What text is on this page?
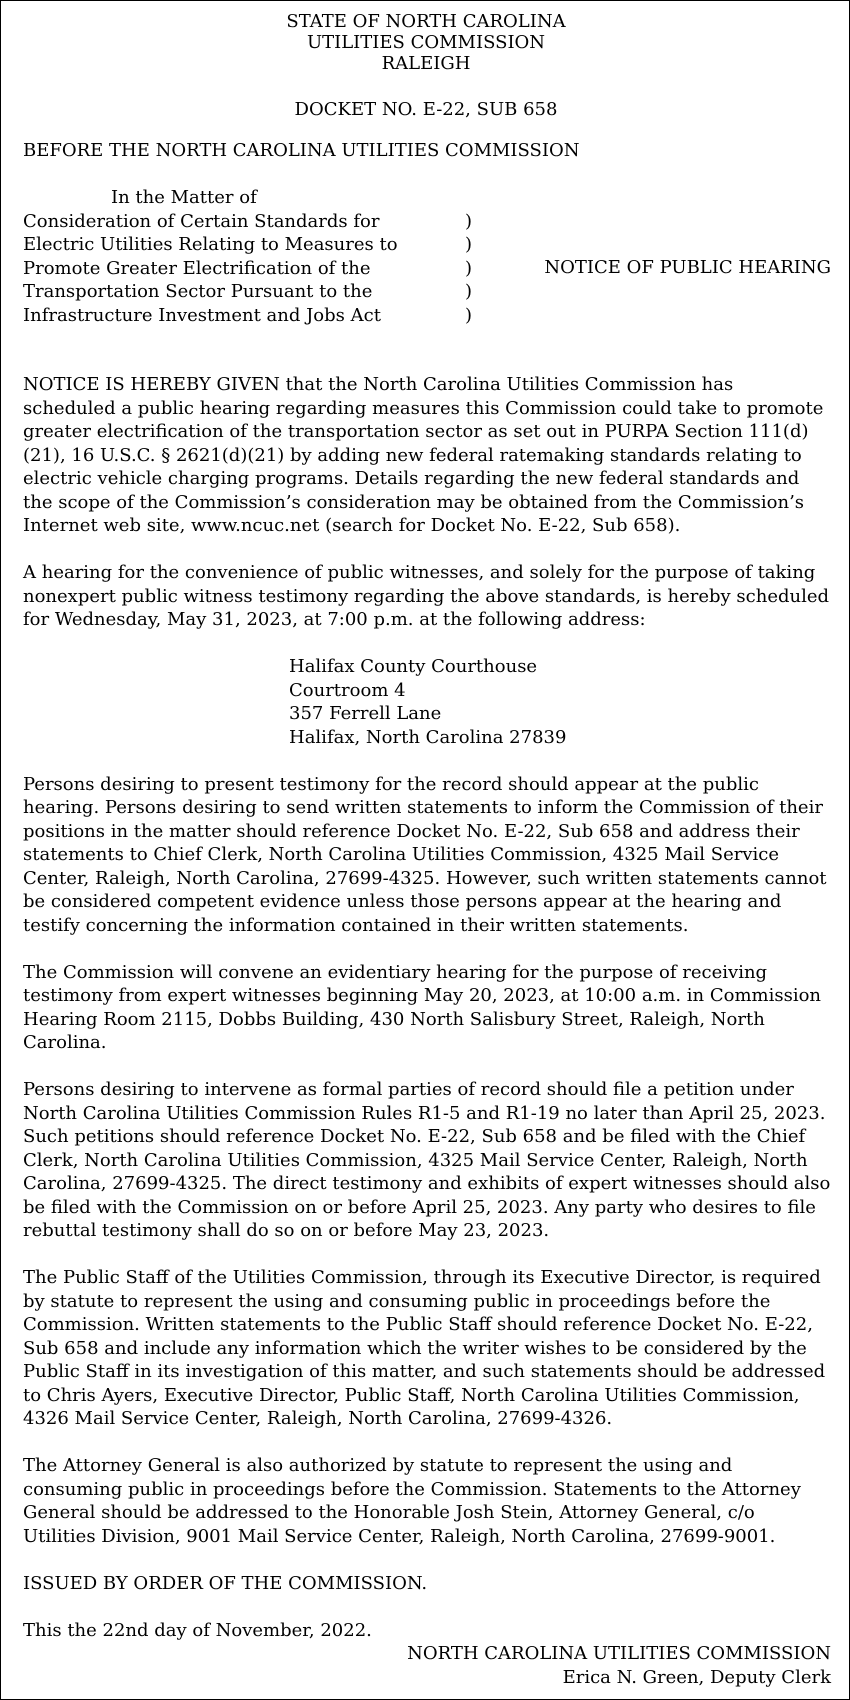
STATE OF NORTH CAROLINA
UTILITIES COMMISSION
RALEIGH
DOCKET NO. E-22, SUB 658
BEFORE THE NORTH CAROLINA UTILITIES COMMISSION
In the Matter of
Consideration of Certain Standards for
Electric Utilities Relating to Measures to
Promote Greater Electrification of the
Transportation Sector Pursuant to the
Infrastructure Investment and Jobs Act
)
)
)
)
)
NOTICE OF PUBLIC HEARING

NOTICE IS HEREBY GIVEN that the North Carolina Utilities Commission has scheduled a public hearing regarding measures this Commission could take to promote greater electrification of the transportation sector as set out in PURPA Section 111(d)(21), 16 U.S.C. § 2621(d)(21) by adding new federal ratemaking standards relating to electric vehicle charging programs. Details regarding the new federal standards and the scope of the Commission’s consideration may be obtained from the Commission’s Internet web site, www.ncuc.net (search for Docket No. E-22, Sub 658).

A hearing for the convenience of public witnesses, and solely for the purpose of taking nonexpert public witness testimony regarding the above standards, is hereby scheduled for Wednesday, May 31, 2023, at 7:00 p.m. at the following address:

Halifax County Courthouse
Courtroom 4
357 Ferrell Lane
Halifax, North Carolina 27839

Persons desiring to present testimony for the record should appear at the public hearing. Persons desiring to send written statements to inform the Commission of their positions in the matter should reference Docket No. E-22, Sub 658 and address their statements to Chief Clerk, North Carolina Utilities Commission, 4325 Mail Service Center, Raleigh, North Carolina, 27699-4325. However, such written statements cannot be considered competent evidence unless those persons appear at the hearing and testify concerning the information contained in their written statements.

The Commission will convene an evidentiary hearing for the purpose of receiving testimony from expert witnesses beginning May 20, 2023, at 10:00 a.m. in Commission Hearing Room 2115, Dobbs Building, 430 North Salisbury Street, Raleigh, North Carolina.

Persons desiring to intervene as formal parties of record should file a petition under North Carolina Utilities Commission Rules R1-5 and R1-19 no later than April 25, 2023. Such petitions should reference Docket No. E-22, Sub 658 and be filed with the Chief Clerk, North Carolina Utilities Commission, 4325 Mail Service Center, Raleigh, North Carolina, 27699-4325. The direct testimony and exhibits of expert witnesses should also be filed with the Commission on or before April 25, 2023. Any party who desires to file rebuttal testimony shall do so on or before May 23, 2023.

The Public Staff of the Utilities Commission, through its Executive Director, is required by statute to represent the using and consuming public in proceedings before the Commission. Written statements to the Public Staff should reference Docket No. E-22, Sub 658 and include any information which the writer wishes to be considered by the Public Staff in its investigation of this matter, and such statements should be addressed to Chris Ayers, Executive Director, Public Staff, North Carolina Utilities Commission, 4326 Mail Service Center, Raleigh, North Carolina, 27699-4326.

The Attorney General is also authorized by statute to represent the using and consuming public in proceedings before the Commission. Statements to the Attorney General should be addressed to the Honorable Josh Stein, Attorney General, c/o Utilities Division, 9001 Mail Service Center, Raleigh, North Carolina, 27699-9001.

ISSUED BY ORDER OF THE COMMISSION.
This the 22nd day of November, 2022.
NORTH CAROLINA UTILITIES COMMISSION
Erica N. Green, Deputy Clerk
